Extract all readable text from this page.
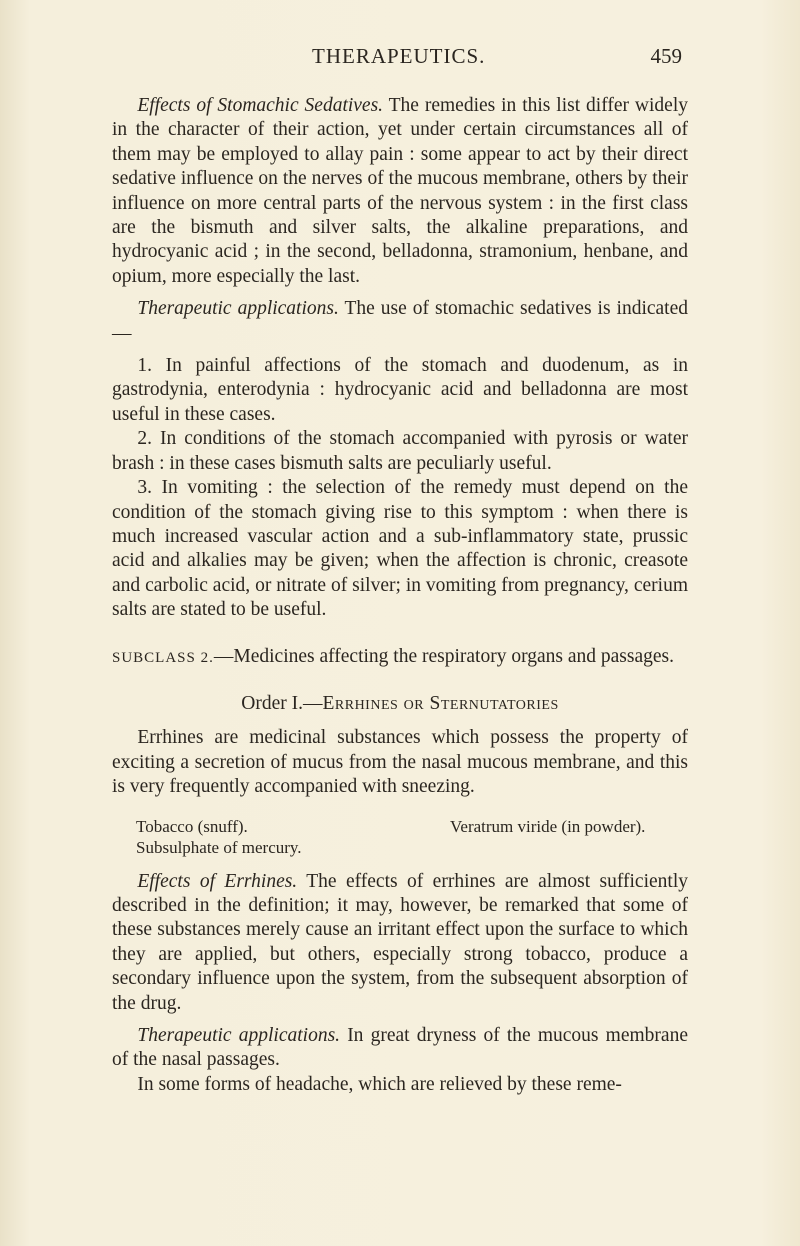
THERAPEUTICS.	459

Effects of Stomachic Sedatives. The remedies in this list differ widely in the character of their action, yet under certain circumstances all of them may be employed to allay pain : some appear to act by their direct sedative influence on the nerves of the mucous membrane, others by their influence on more central parts of the nervous system : in the first class are the bismuth and silver salts, the alkaline preparations, and hydrocyanic acid ; in the second, belladonna, stramonium, henbane, and opium, more especially the last.

Therapeutic applications. The use of stomachic sedatives is indicated—

1. In painful affections of the stomach and duodenum, as in gastrodynia, enterodynia : hydrocyanic acid and belladonna are most useful in these cases.

2. In conditions of the stomach accompanied with pyrosis or water brash : in these cases bismuth salts are peculiarly useful.

3. In vomiting : the selection of the remedy must depend on the condition of the stomach giving rise to this symptom : when there is much increased vascular action and a sub-inflammatory state, prussic acid and alkalies may be given; when the affection is chronic, creasote and carbolic acid, or nitrate of silver; in vomiting from pregnancy, cerium salts are stated to be useful.

SUBCLASS 2.—Medicines affecting the respiratory organs and passages.

Order I.—Errhines or Sternutatories

Errhines are medicinal substances which possess the property of exciting a secretion of mucus from the nasal mucous membrane, and this is very frequently accompanied with sneezing.

Tobacco (snuff).	Veratrum viride (in powder).
Subsulphate of mercury.

Effects of Errhines. The effects of errhines are almost sufficiently described in the definition; it may, however, be remarked that some of these substances merely cause an irritant effect upon the surface to which they are applied, but others, especially strong tobacco, produce a secondary influence upon the system, from the subsequent absorption of the drug.

Therapeutic applications. In great dryness of the mucous membrane of the nasal passages.

In some forms of headache, which are relieved by these reme-
